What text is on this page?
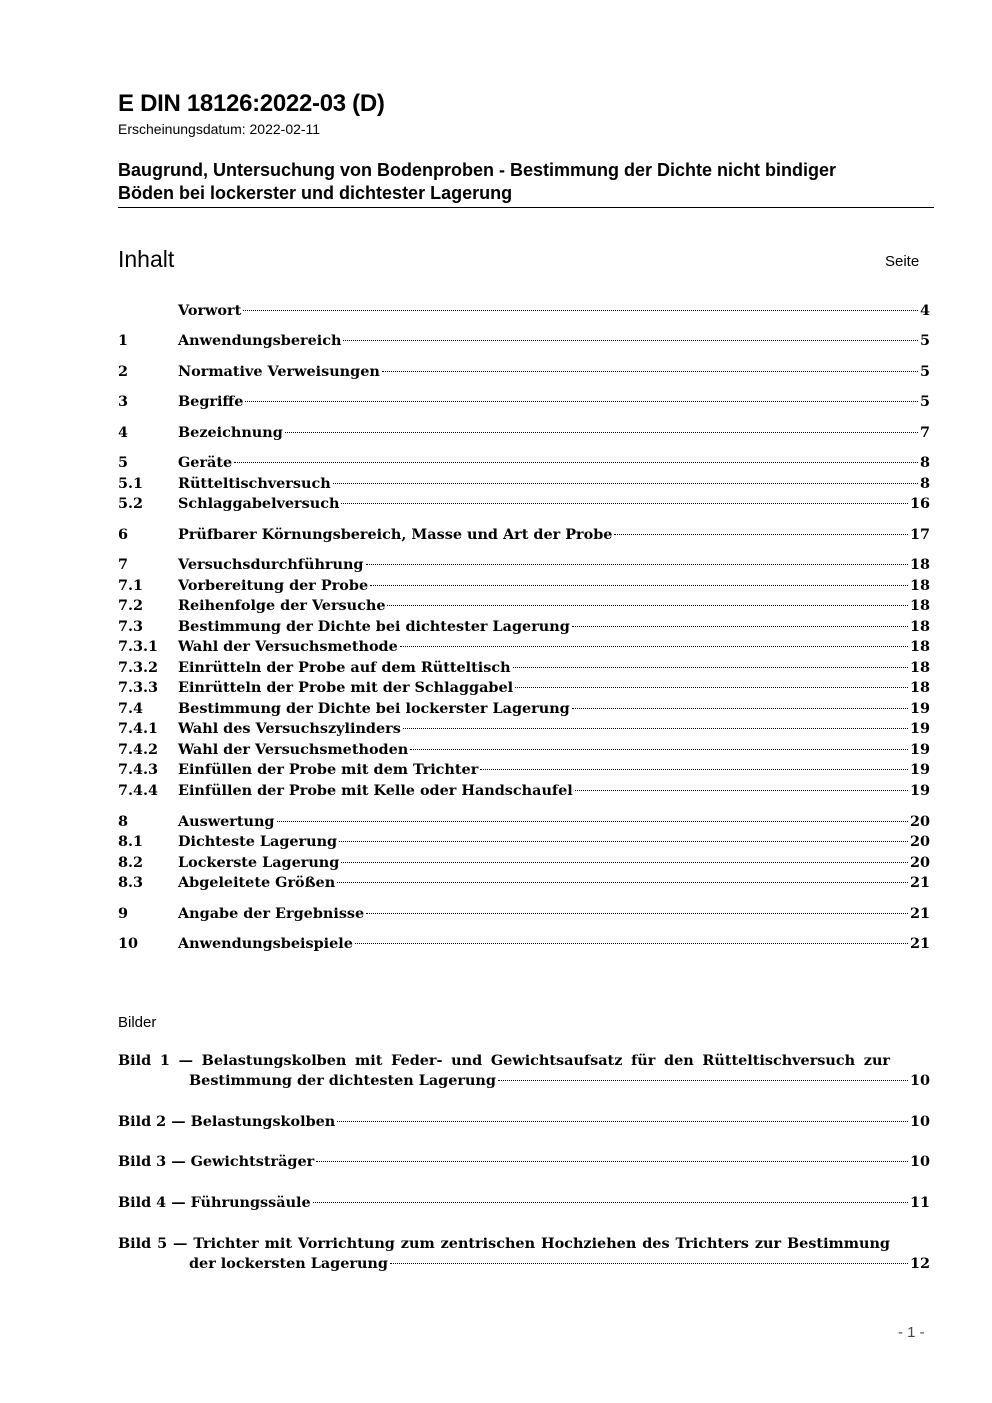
E DIN 18126:2022-03 (D)
Erscheinungsdatum: 2022-02-11
Baugrund, Untersuchung von Bodenproben - Bestimmung der Dichte nicht bindiger
Böden bei lockerster und dichtester Lagerung
Inhalt	Seite
Vorwort	4
1	Anwendungsbereich	5
2	Normative Verweisungen	5
3	Begriffe	5
4	Bezeichnung	7
5	Geräte	8
5.1	Rütteltischversuch	8
5.2	Schlaggabelversuch	16
6	Prüfbarer Körnungsbereich, Masse und Art der Probe	17
7	Versuchsdurchführung	18
7.1	Vorbereitung der Probe	18
7.2	Reihenfolge der Versuche	18
7.3	Bestimmung der Dichte bei dichtester Lagerung	18
7.3.1	Wahl der Versuchsmethode	18
7.3.2	Einrütteln der Probe auf dem Rütteltisch	18
7.3.3	Einrütteln der Probe mit der Schlaggabel	18
7.4	Bestimmung der Dichte bei lockerster Lagerung	19
7.4.1	Wahl des Versuchszylinders	19
7.4.2	Wahl der Versuchsmethoden	19
7.4.3	Einfüllen der Probe mit dem Trichter	19
7.4.4	Einfüllen der Probe mit Kelle oder Handschaufel	19
8	Auswertung	20
8.1	Dichteste Lagerung	20
8.2	Lockerste Lagerung	20
8.3	Abgeleitete Größen	21
9	Angabe der Ergebnisse	21
10	Anwendungsbeispiele	21
Bilder
Bild 1 — Belastungskolben mit Feder- und Gewichtsaufsatz für den Rütteltischversuch zur
Bestimmung der dichtesten Lagerung	10
Bild 2 — Belastungskolben	10
Bild 3 — Gewichtsträger	10
Bild 4 — Führungssäule	11
Bild 5 — Trichter mit Vorrichtung zum zentrischen Hochziehen des Trichters zur Bestimmung
der lockersten Lagerung	12
- 1 -
